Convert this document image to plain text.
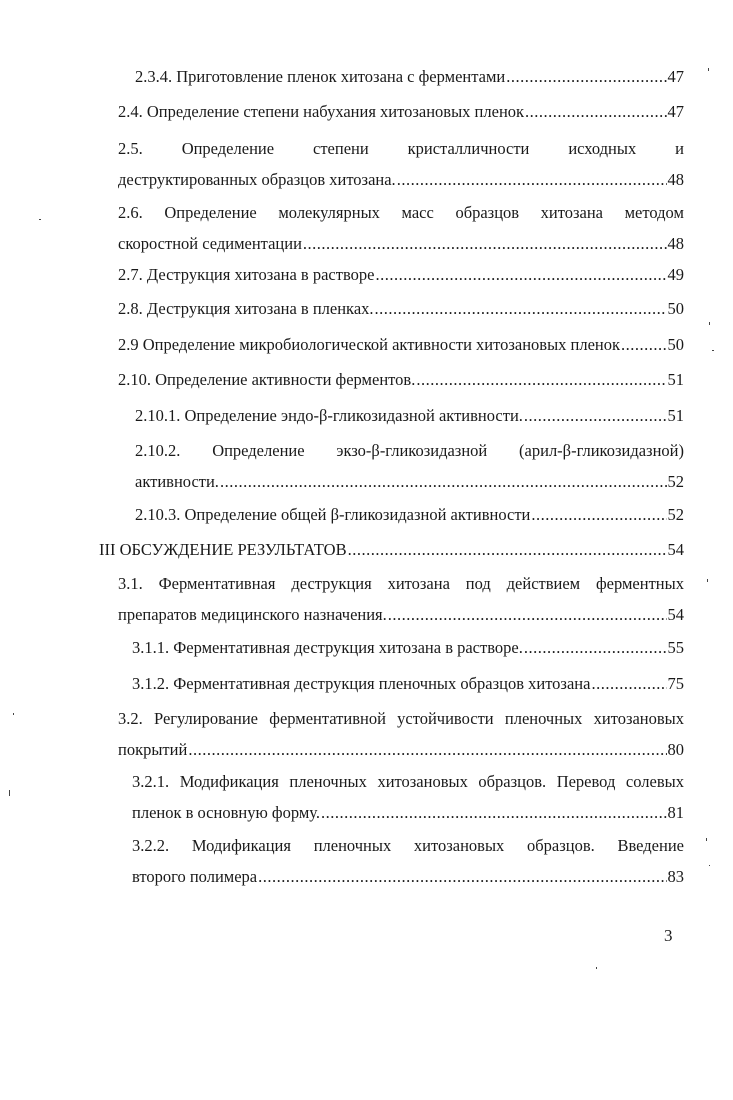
2.3.4. Приготовление пленок хитозана с ферментами .....	47
2.4. Определение степени набухания хитозановых пленок .....	47
2.5. Определение степени кристалличности исходных и
деструктированных образцов хитозана. .....	48
2.6. Определение молекулярных масс образцов хитозана методом
скоростной седиментации .....	48
2.7. Деструкция хитозана в растворе .....	49
2.8. Деструкция хитозана в пленках. .....	50
2.9 Определение микробиологической активности хитозановых пленок .....	50
2.10. Определение активности ферментов. .....	51
2.10.1. Определение эндо-β-гликозидазной активности. .....	51
2.10.2. Определение экзо-β-гликозидазной (арил-β-гликозидазной)
активности. .....	52
2.10.3. Определение общей β-гликозидазной активности .....	52
III ОБСУЖДЕНИЕ РЕЗУЛЬТАТОВ .....	54
3.1. Ферментативная деструкция хитозана под действием ферментных
препаратов медицинского назначения. .....	54
3.1.1. Ферментативная деструкция хитозана в растворе. .....	55
3.1.2. Ферментативная деструкция пленочных образцов хитозана .....	75
3.2. Регулирование ферментативной устойчивости пленочных хитозановых
покрытий .....	80
3.2.1. Модификация пленочных хитозановых образцов. Перевод солевых
пленок в основную форму. .....	81
3.2.2. Модификация пленочных хитозановых образцов. Введение
второго полимера .....	83
3
